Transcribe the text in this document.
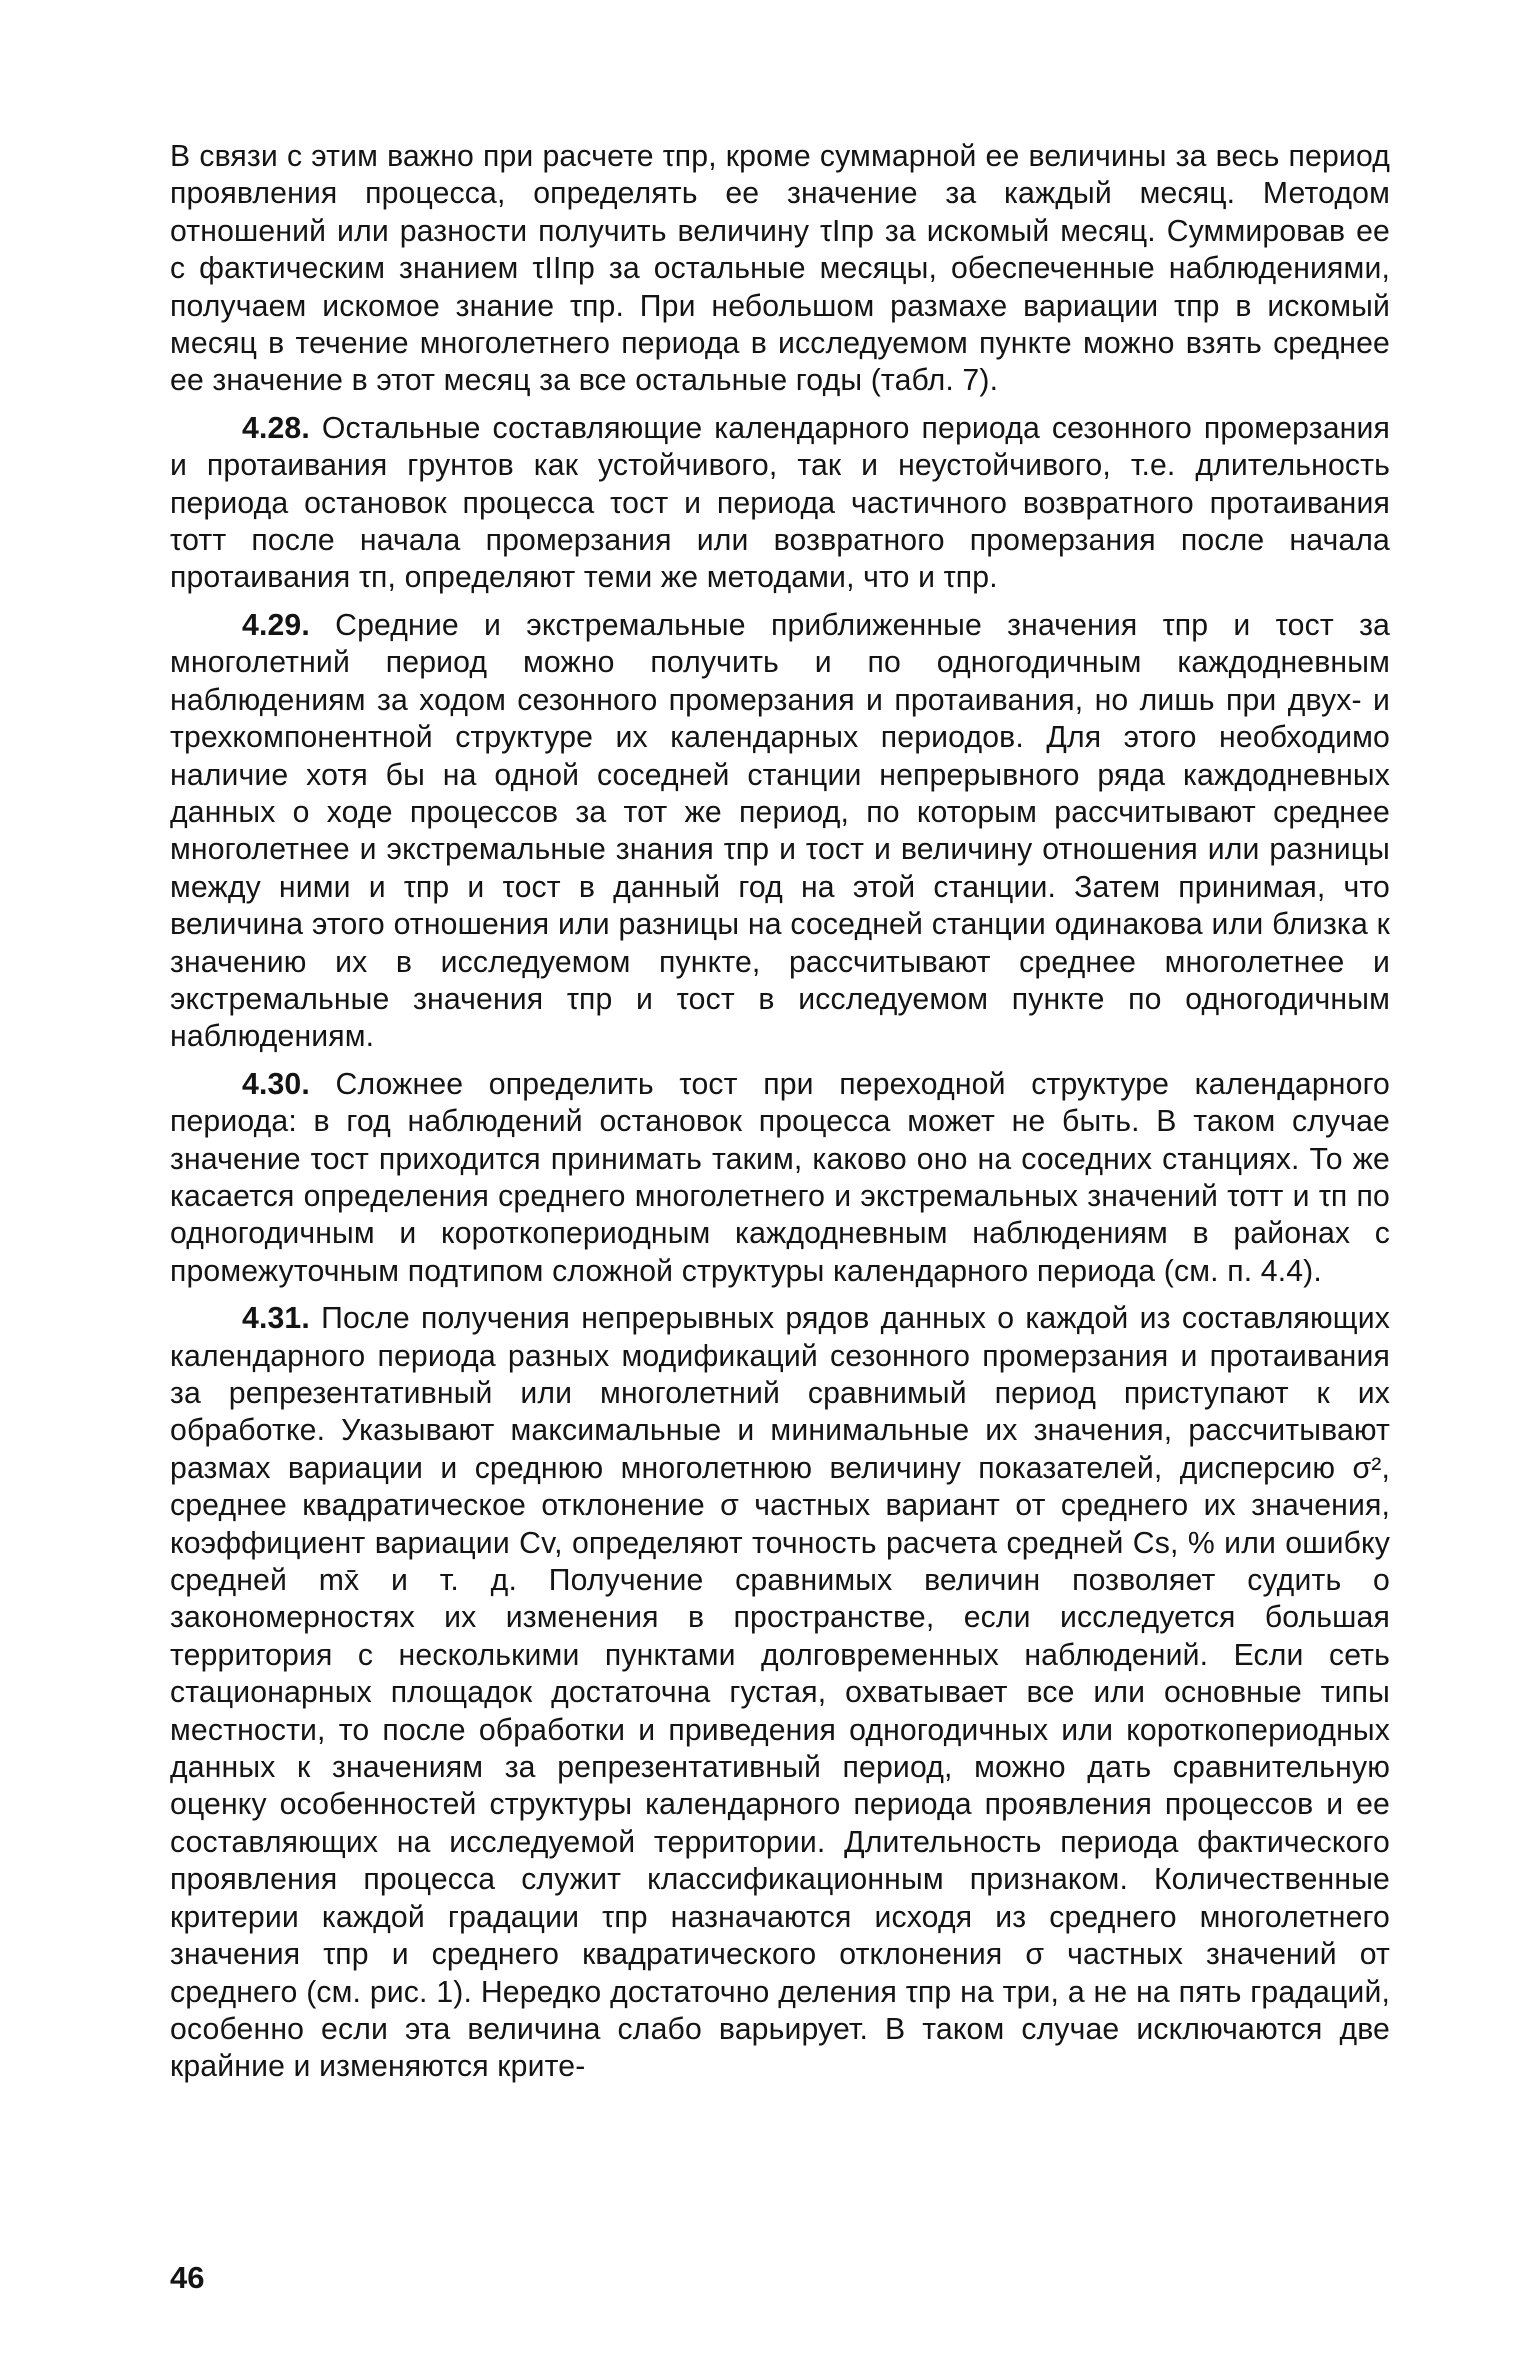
В связи с этим важно при расчете τпр, кроме суммарной ее величины за весь период проявления процесса, определять ее значение за каждый месяц. Методом отношений или разности получить величину τIпр за искомый месяц. Суммировав ее с фактическим знанием τIIпр за остальные месяцы, обеспеченные наблюдениями, получаем искомое знание τпр. При небольшом размахе вариации τпр в искомый месяц в течение многолетнего периода в исследуемом пункте можно взять среднее ее значение в этот месяц за все остальные годы (табл. 7).

4.28. Остальные составляющие календарного периода сезонного промерзания и протаивания грунтов как устойчивого, так и неустойчивого, т.е. длительность периода остановок процесса τост и периода частичного возвратного протаивания τотт после начала промерзания или возвратного промерзания после начала протаивания τп, определяют теми же методами, что и τпр.

4.29. Средние и экстремальные приближенные значения τпр и τост за многолетний период можно получить и по одногодичным каждодневным наблюдениям за ходом сезонного промерзания и протаивания, но лишь при двух- и трехкомпонентной структуре их календарных периодов. Для этого необходимо наличие хотя бы на одной соседней станции непрерывного ряда каждодневных данных о ходе процессов за тот же период, по которым рассчитывают среднее многолетнее и экстремальные знания τпр и τост и величину отношения или разницы между ними и τпр и τост в данный год на этой станции. Затем принимая, что величина этого отношения или разницы на соседней станции одинакова или близка к значению их в исследуемом пункте, рассчитывают среднее многолетнее и экстремальные значения τпр и τост в исследуемом пункте по одногодичным наблюдениям.

4.30. Сложнее определить τост при переходной структуре календарного периода: в год наблюдений остановок процесса может не быть. В таком случае значение τост приходится принимать таким, каково оно на соседних станциях. То же касается определения среднего многолетнего и экстремальных значений τотт и τп по одногодичным и короткопериодным каждодневным наблюдениям в районах с промежуточным подтипом сложной структуры календарного периода (см. п. 4.4).

4.31. После получения непрерывных рядов данных о каждой из составляющих календарного периода разных модификаций сезонного промерзания и протаивания за репрезентативный или многолетний сравнимый период приступают к их обработке. Указывают максимальные и минимальные их значения, рассчитывают размах вариации и среднюю многолетнюю величину показателей, дисперсию σ², среднее квадратическое отклонение σ частных вариант от среднего их значения, коэффициент вариации Cv, определяют точность расчета средней Cs, % или ошибку средней mx̄ и т. д. Получение сравнимых величин позволяет судить о закономерностях их изменения в пространстве, если исследуется большая территория с несколькими пунктами долговременных наблюдений. Если сеть стационарных площадок достаточна густая, охватывает все или основные типы местности, то после обработки и приведения одногодичных или короткопериодных данных к значениям за репрезентативный период, можно дать сравнительную оценку особенностей структуры календарного периода проявления процессов и ее составляющих на исследуемой территории. Длительность периода фактического проявления процесса служит классификационным признаком. Количественные критерии каждой градации τпр назначаются исходя из среднего многолетнего значения τпр и среднего квадратического отклонения σ частных значений от среднего (см. рис. 1). Нередко достаточно деления τпр на три, а не на пять градаций, особенно если эта величина слабо варьирует. В таком случае исключаются две крайние и изменяются крите-

46
